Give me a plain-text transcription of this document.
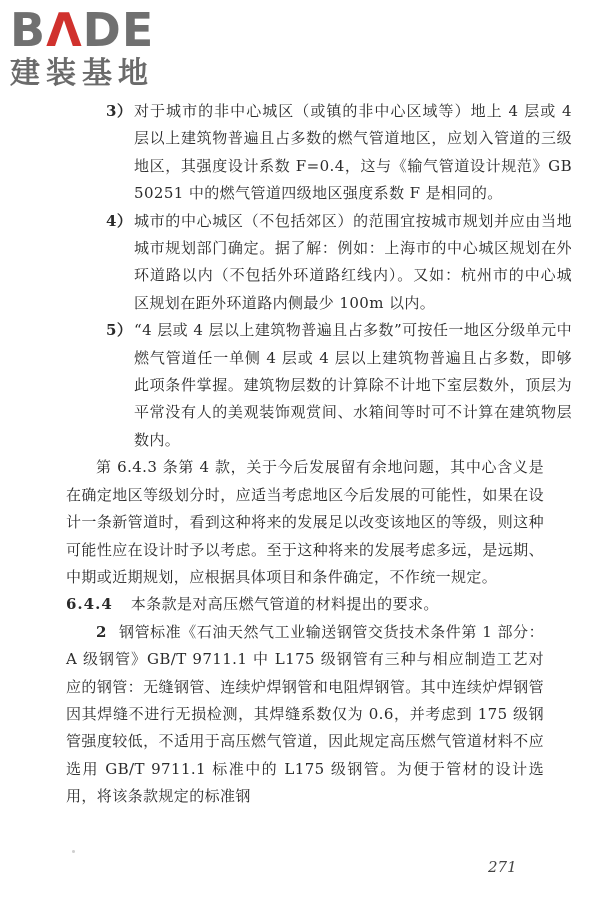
BΛDE
建装基地
3） 对于城市的非中心城区（或镇的非中心区域等）地上 4 层或 4 层以上建筑物普遍且占多数的燃气管道地区，应划入管道的三级地区，其强度设计系数 F=0.4，这与《输气管道设计规范》GB 50251 中的燃气管道四级地区强度系数 F 是相同的。
4） 城市的中心城区（不包括郊区）的范围宜按城市规划并应由当地城市规划部门确定。据了解：例如：上海市的中心城区规划在外环道路以内（不包括外环道路红线内）。又如：杭州市的中心城区规划在距外环道路内侧最少 100m 以内。
5） “4 层或 4 层以上建筑物普遍且占多数”可按任一地区分级单元中燃气管道任一单侧 4 层或 4 层以上建筑物普遍且占多数，即够此项条件掌握。建筑物层数的计算除不计地下室层数外，顶层为平常没有人的美观装饰观赏间、水箱间等时可不计算在建筑物层数内。
第 6.4.3 条第 4 款，关于今后发展留有余地问题，其中心含义是在确定地区等级划分时，应适当考虑地区今后发展的可能性，如果在设计一条新管道时，看到这种将来的发展足以改变该地区的等级，则这种可能性应在设计时予以考虑。至于这种将来的发展考虑多远，是远期、中期或近期规划，应根据具体项目和条件确定，不作统一规定。
6.4.4 本条款是对高压燃气管道的材料提出的要求。
2 钢管标准《石油天然气工业输送钢管交货技术条件第 1 部分：A 级钢管》GB/T 9711.1 中 L175 级钢管有三种与相应制造工艺对应的钢管：无缝钢管、连续炉焊钢管和电阻焊钢管。其中连续炉焊钢管因其焊缝不进行无损检测，其焊缝系数仅为 0.6，并考虑到 175 级钢管强度较低，不适用于高压燃气管道，因此规定高压燃气管道材料不应选用 GB/T 9711.1 标准中的 L175 级钢管。为便于管材的设计选用，将该条款规定的标准钢
271
